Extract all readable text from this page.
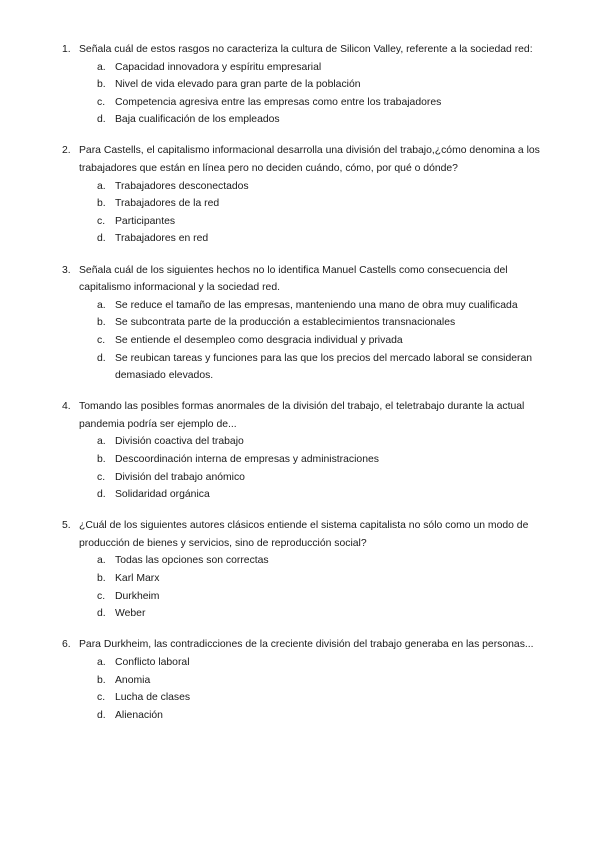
1. Señala cuál de estos rasgos no caracteriza la cultura de Silicon Valley, referente a la sociedad red:
a. Capacidad innovadora y espíritu empresarial
b. Nivel de vida elevado para gran parte de la población
c. Competencia agresiva entre las empresas como entre los trabajadores
d. Baja cualificación de los empleados
2. Para Castells, el capitalismo informacional desarrolla una división del trabajo,¿cómo denomina a los trabajadores que están en línea pero no deciden cuándo, cómo, por qué o dónde?
a. Trabajadores desconectados
b. Trabajadores de la red
c. Participantes
d. Trabajadores en red
3. Señala cuál de los siguientes hechos no lo identifica Manuel Castells como consecuencia del capitalismo informacional y la sociedad red.
a. Se reduce el tamaño de las empresas, manteniendo una mano de obra muy cualificada
b. Se subcontrata parte de la producción a establecimientos transnacionales
c. Se entiende el desempleo como desgracia individual y privada
d. Se reubican tareas y funciones para las que los precios del mercado laboral se consideran demasiado elevados.
4. Tomando las posibles formas anormales de la división del trabajo, el teletrabajo durante la actual pandemia podría ser ejemplo de...
a. División coactiva del trabajo
b. Descoordinación interna de empresas y administraciones
c. División del trabajo anómico
d. Solidaridad orgánica
5. ¿Cuál de los siguientes autores clásicos entiende el sistema capitalista no sólo como un modo de producción de bienes y servicios, sino de reproducción social?
a. Todas las opciones son correctas
b. Karl Marx
c. Durkheim
d. Weber
6. Para Durkheim, las contradicciones de la creciente división del trabajo generaba en las personas...
a. Conflicto laboral
b. Anomia
c. Lucha de clases
d. Alienación
